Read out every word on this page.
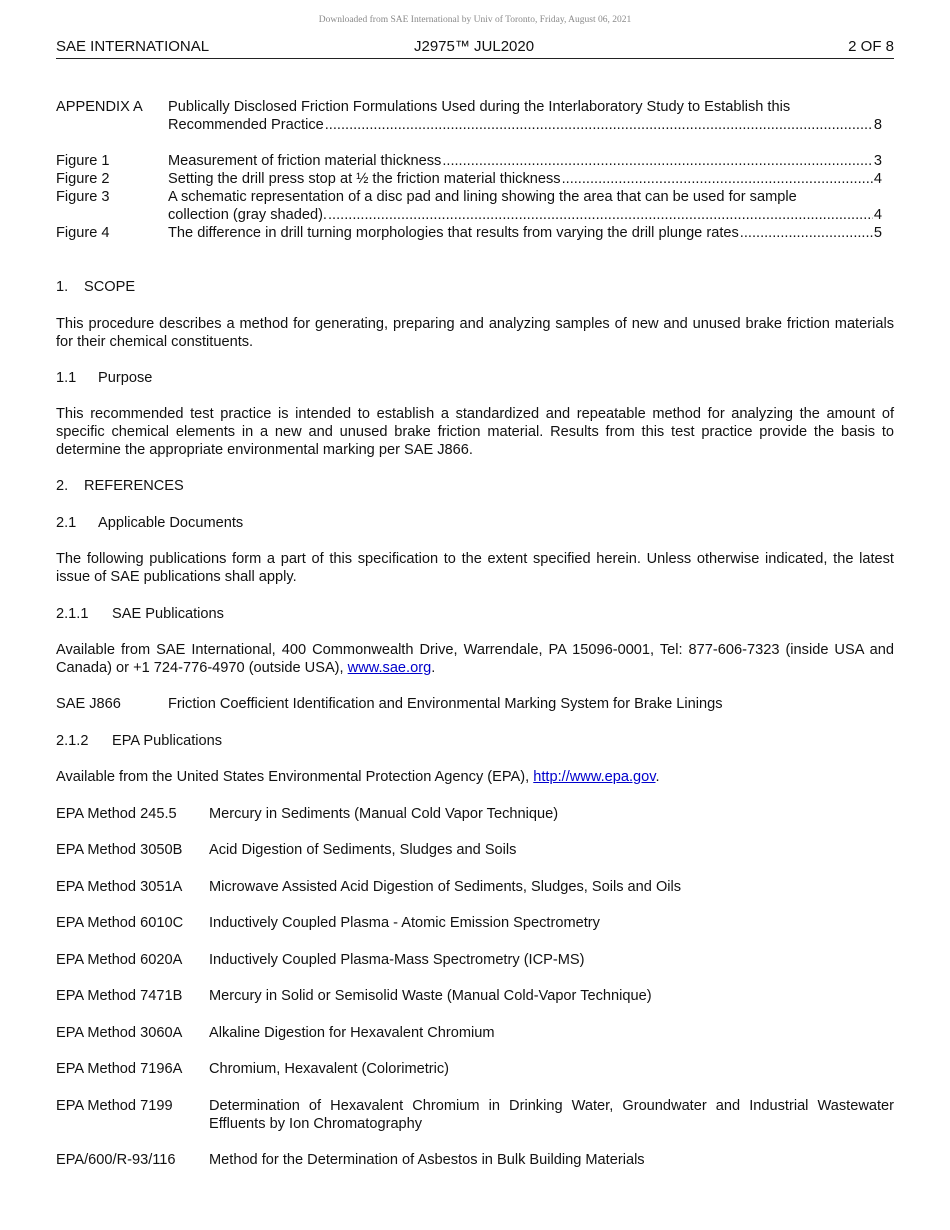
Downloaded from SAE International by Univ of Toronto, Friday, August 06, 2021
SAE INTERNATIONAL	J2975™ JUL2020	2 OF 8
APPENDIX A Publically Disclosed Friction Formulations Used during the Interlaboratory Study to Establish this
Recommended Practice .....	8
Figure 1	Measurement of friction material thickness .....	3
Figure 2	Setting the drill press stop at ½ the friction material thickness .....	4
Figure 3	A schematic representation of a disc pad and lining showing the area that can be used for sample
collection (gray shaded). .....	4
Figure 4	The difference in drill turning morphologies that results from varying the drill plunge rates .....	5
1. SCOPE
This procedure describes a method for generating, preparing and analyzing samples of new and unused brake friction materials for their chemical constituents.
1.1 Purpose
This recommended test practice is intended to establish a standardized and repeatable method for analyzing the amount of specific chemical elements in a new and unused brake friction material. Results from this test practice provide the basis to determine the appropriate environmental marking per SAE J866.
2. REFERENCES
2.1 Applicable Documents
The following publications form a part of this specification to the extent specified herein. Unless otherwise indicated, the latest issue of SAE publications shall apply.
2.1.1 SAE Publications
Available from SAE International, 400 Commonwealth Drive, Warrendale, PA 15096-0001, Tel: 877-606-7323 (inside USA and Canada) or +1 724-776-4970 (outside USA), www.sae.org.
SAE J866	Friction Coefficient Identification and Environmental Marking System for Brake Linings
2.1.2 EPA Publications
Available from the United States Environmental Protection Agency (EPA), http://www.epa.gov.
EPA Method 245.5 Mercury in Sediments (Manual Cold Vapor Technique)
EPA Method 3050B Acid Digestion of Sediments, Sludges and Soils
EPA Method 3051A Microwave Assisted Acid Digestion of Sediments, Sludges, Soils and Oils
EPA Method 6010C Inductively Coupled Plasma - Atomic Emission Spectrometry
EPA Method 6020A Inductively Coupled Plasma-Mass Spectrometry (ICP-MS)
EPA Method 7471B Mercury in Solid or Semisolid Waste (Manual Cold-Vapor Technique)
EPA Method 3060A Alkaline Digestion for Hexavalent Chromium
EPA Method 7196A Chromium, Hexavalent (Colorimetric)
EPA Method 7199 Determination of Hexavalent Chromium in Drinking Water, Groundwater and Industrial Wastewater Effluents by Ion Chromatography
EPA/600/R-93/116 Method for the Determination of Asbestos in Bulk Building Materials
